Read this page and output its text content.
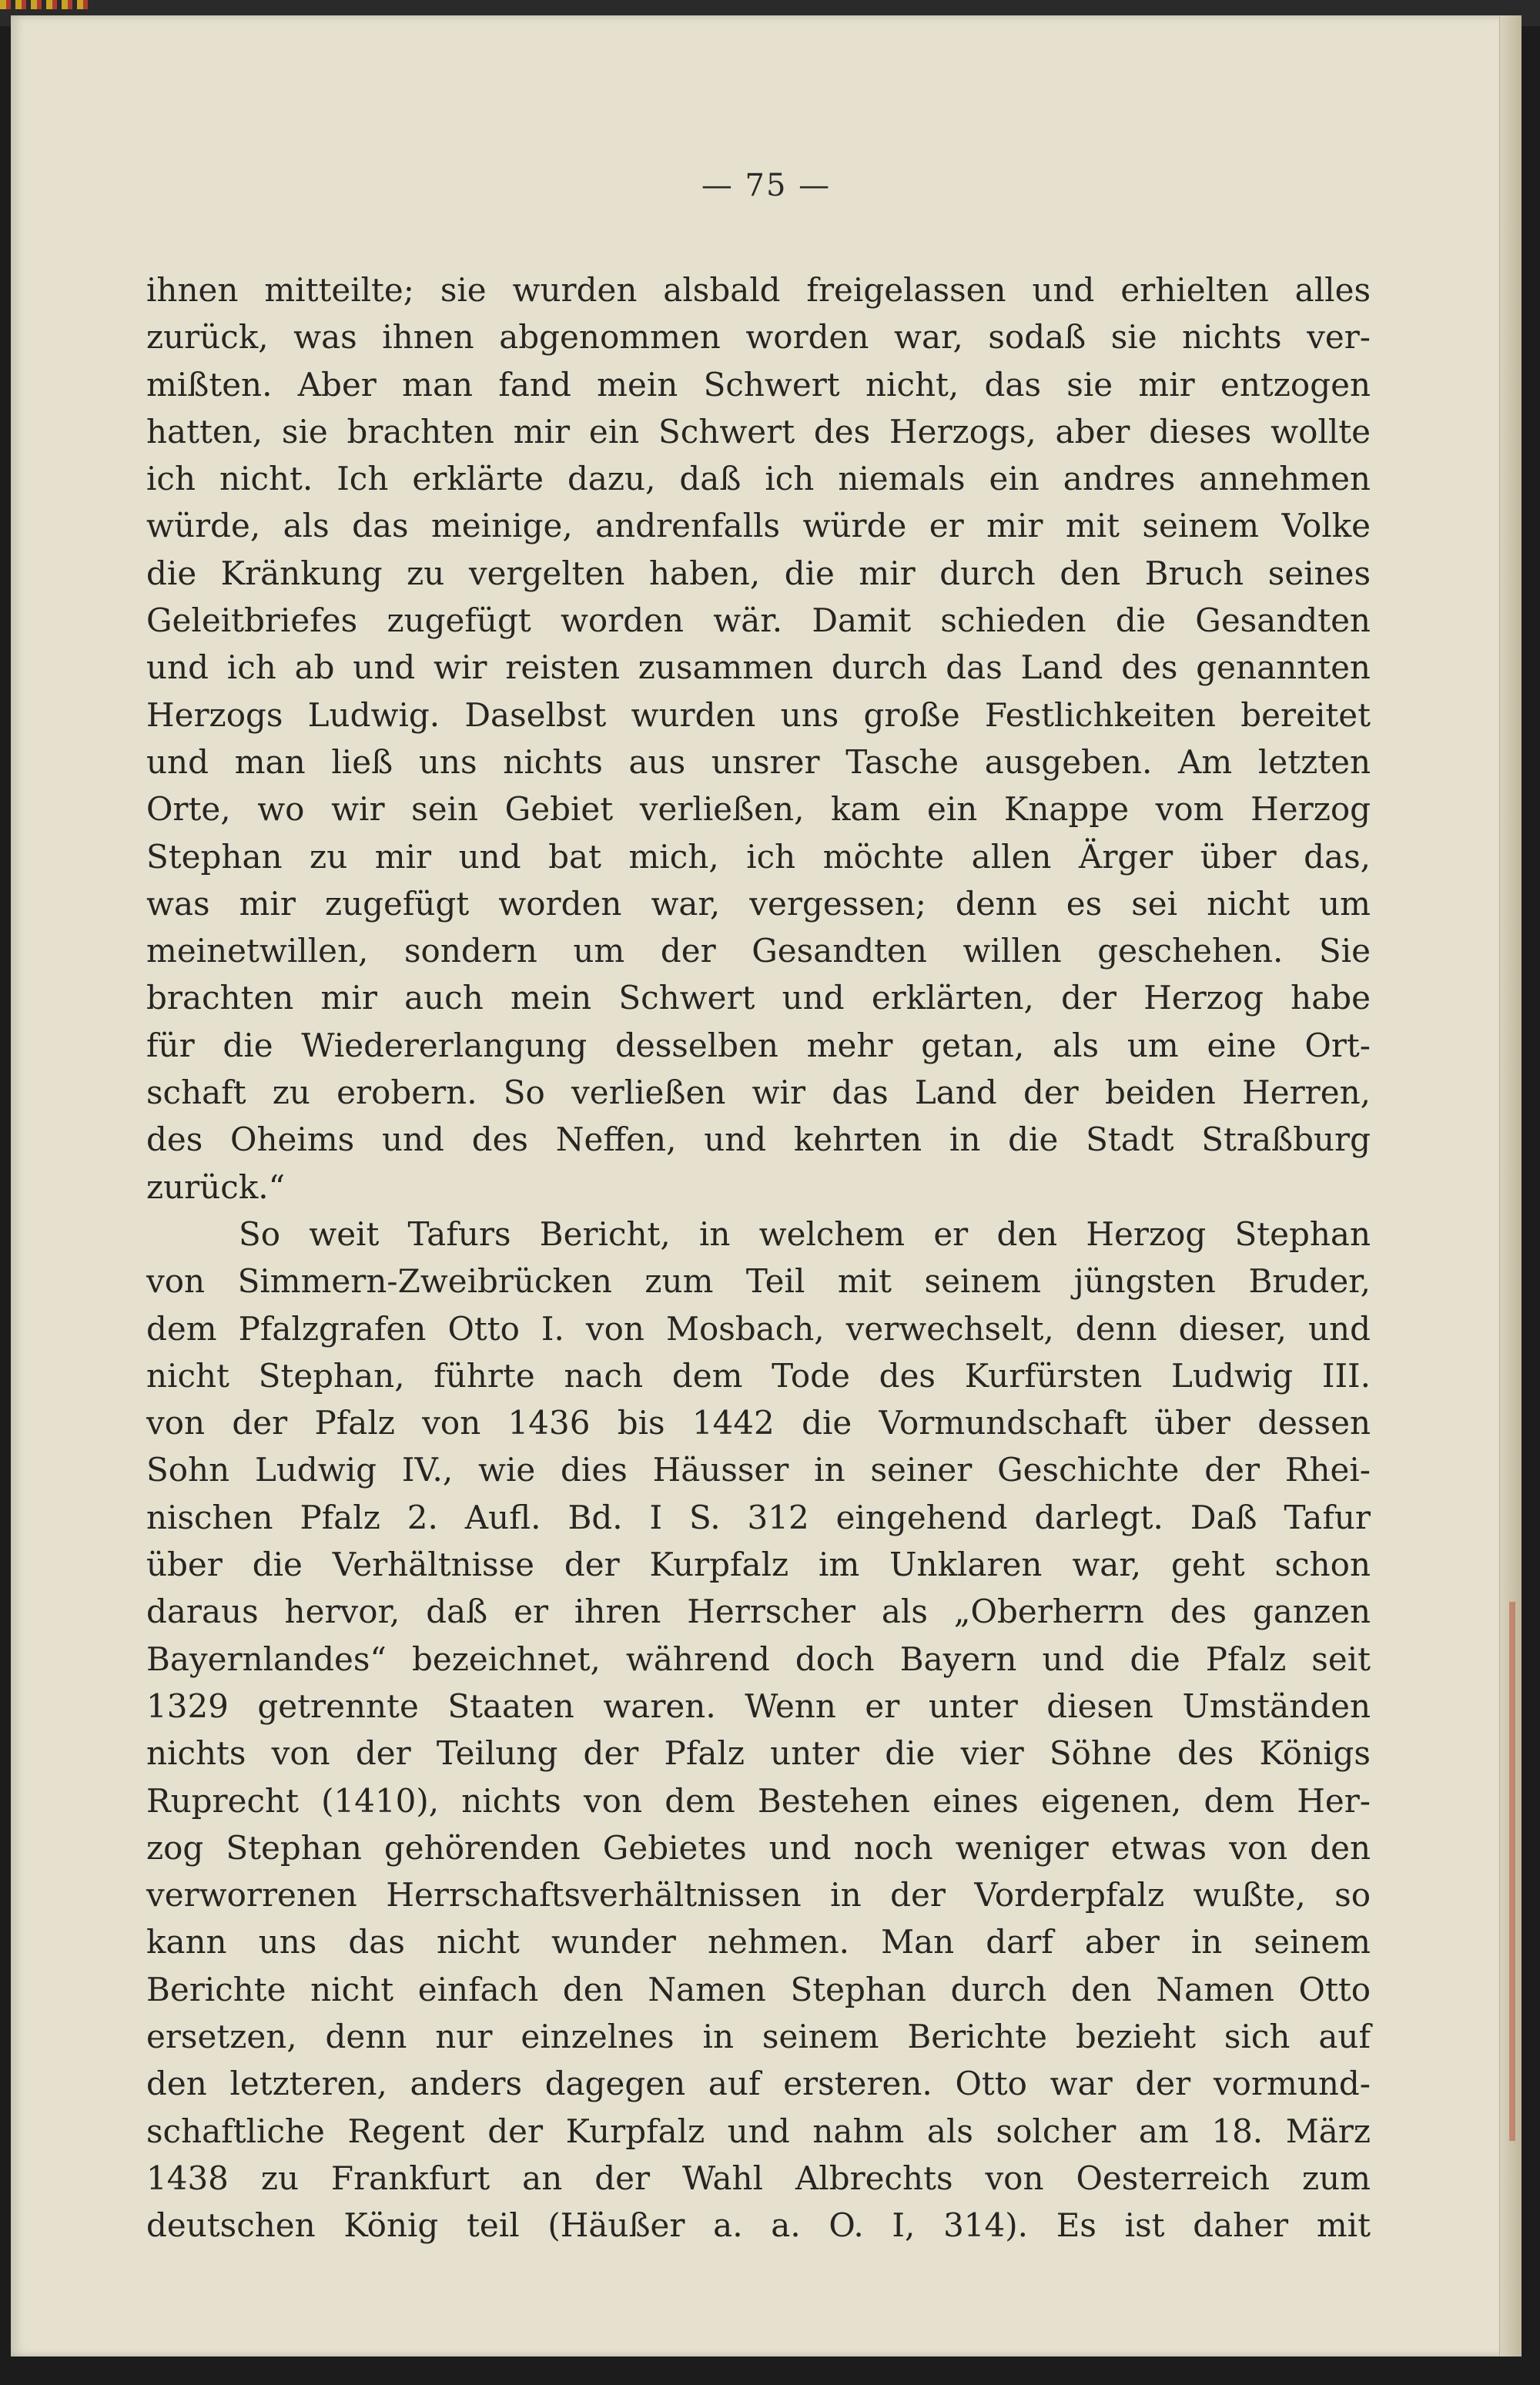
— 75 —
ihnen mitteilte; sie wurden alsbald freigelassen und erhielten alles
zurück, was ihnen abgenommen worden war, sodaß sie nichts ver-
mißten. Aber man fand mein Schwert nicht, das sie mir entzogen
hatten, sie brachten mir ein Schwert des Herzogs, aber dieses wollte
ich nicht. Ich erklärte dazu, daß ich niemals ein andres annehmen
würde, als das meinige, andrenfalls würde er mir mit seinem Volke
die Kränkung zu vergelten haben, die mir durch den Bruch seines
Geleitbriefes zugefügt worden wär. Damit schieden die Gesandten
und ich ab und wir reisten zusammen durch das Land des genannten
Herzogs Ludwig. Daselbst wurden uns große Festlichkeiten bereitet
und man ließ uns nichts aus unsrer Tasche ausgeben. Am letzten
Orte, wo wir sein Gebiet verließen, kam ein Knappe vom Herzog
Stephan zu mir und bat mich, ich möchte allen Ärger über das,
was mir zugefügt worden war, vergessen; denn es sei nicht um
meinetwillen, sondern um der Gesandten willen geschehen. Sie
brachten mir auch mein Schwert und erklärten, der Herzog habe
für die Wiedererlangung desselben mehr getan, als um eine Ort-
schaft zu erobern. So verließen wir das Land der beiden Herren,
des Oheims und des Neffen, und kehrten in die Stadt Straßburg
zurück.“
So weit Tafurs Bericht, in welchem er den Herzog Stephan
von Simmern-Zweibrücken zum Teil mit seinem jüngsten Bruder,
dem Pfalzgrafen Otto I. von Mosbach, verwechselt, denn dieser, und
nicht Stephan, führte nach dem Tode des Kurfürsten Ludwig III.
von der Pfalz von 1436 bis 1442 die Vormundschaft über dessen
Sohn Ludwig IV., wie dies Häusser in seiner Geschichte der Rhei-
nischen Pfalz 2. Aufl. Bd. I S. 312 eingehend darlegt. Daß Tafur
über die Verhältnisse der Kurpfalz im Unklaren war, geht schon
daraus hervor, daß er ihren Herrscher als „Oberherrn des ganzen
Bayernlandes“ bezeichnet, während doch Bayern und die Pfalz seit
1329 getrennte Staaten waren. Wenn er unter diesen Umständen
nichts von der Teilung der Pfalz unter die vier Söhne des Königs
Ruprecht (1410), nichts von dem Bestehen eines eigenen, dem Her-
zog Stephan gehörenden Gebietes und noch weniger etwas von den
verworrenen Herrschaftsverhältnissen in der Vorderpfalz wußte, so
kann uns das nicht wunder nehmen. Man darf aber in seinem
Berichte nicht einfach den Namen Stephan durch den Namen Otto
ersetzen, denn nur einzelnes in seinem Berichte bezieht sich auf
den letzteren, anders dagegen auf ersteren. Otto war der vormund-
schaftliche Regent der Kurpfalz und nahm als solcher am 18. März
1438 zu Frankfurt an der Wahl Albrechts von Oesterreich zum
deutschen König teil (Häußer a. a. O. I, 314). Es ist daher mit
